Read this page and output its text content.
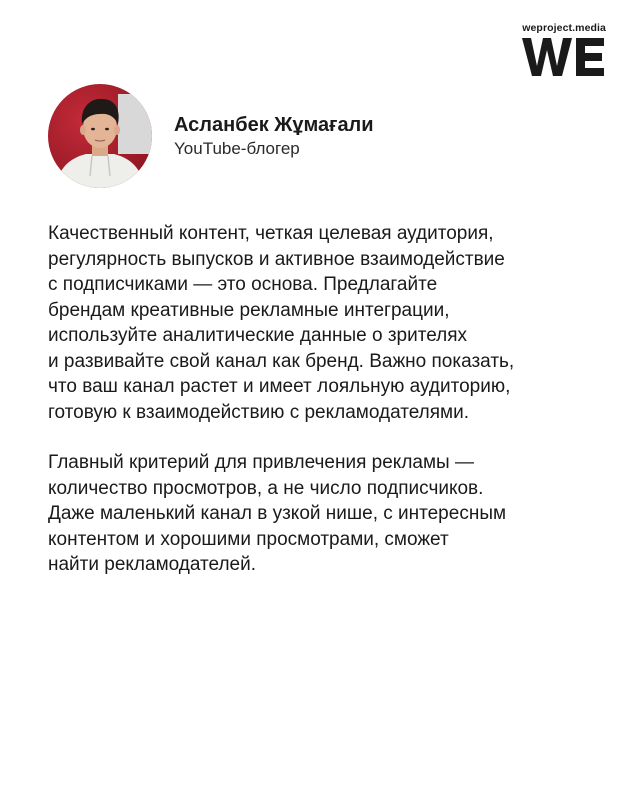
weproject.media
Асланбек Жұмағали
YouTube-блогер

Качественный контент, четкая целевая аудитория,
регулярность выпусков и активное взаимодействие
с подписчиками — это основа. Предлагайте
брендам креативные рекламные интеграции,
используйте аналитические данные о зрителях
и развивайте свой канал как бренд. Важно показать,
что ваш канал растет и имеет лояльную аудиторию,
готовую к взаимодействию с рекламодателями.

Главный критерий для привлечения рекламы —
количество просмотров, а не число подписчиков.
Даже маленький канал в узкой нише, с интересным
контентом и хорошими просмотрами, сможет
найти рекламодателей.
